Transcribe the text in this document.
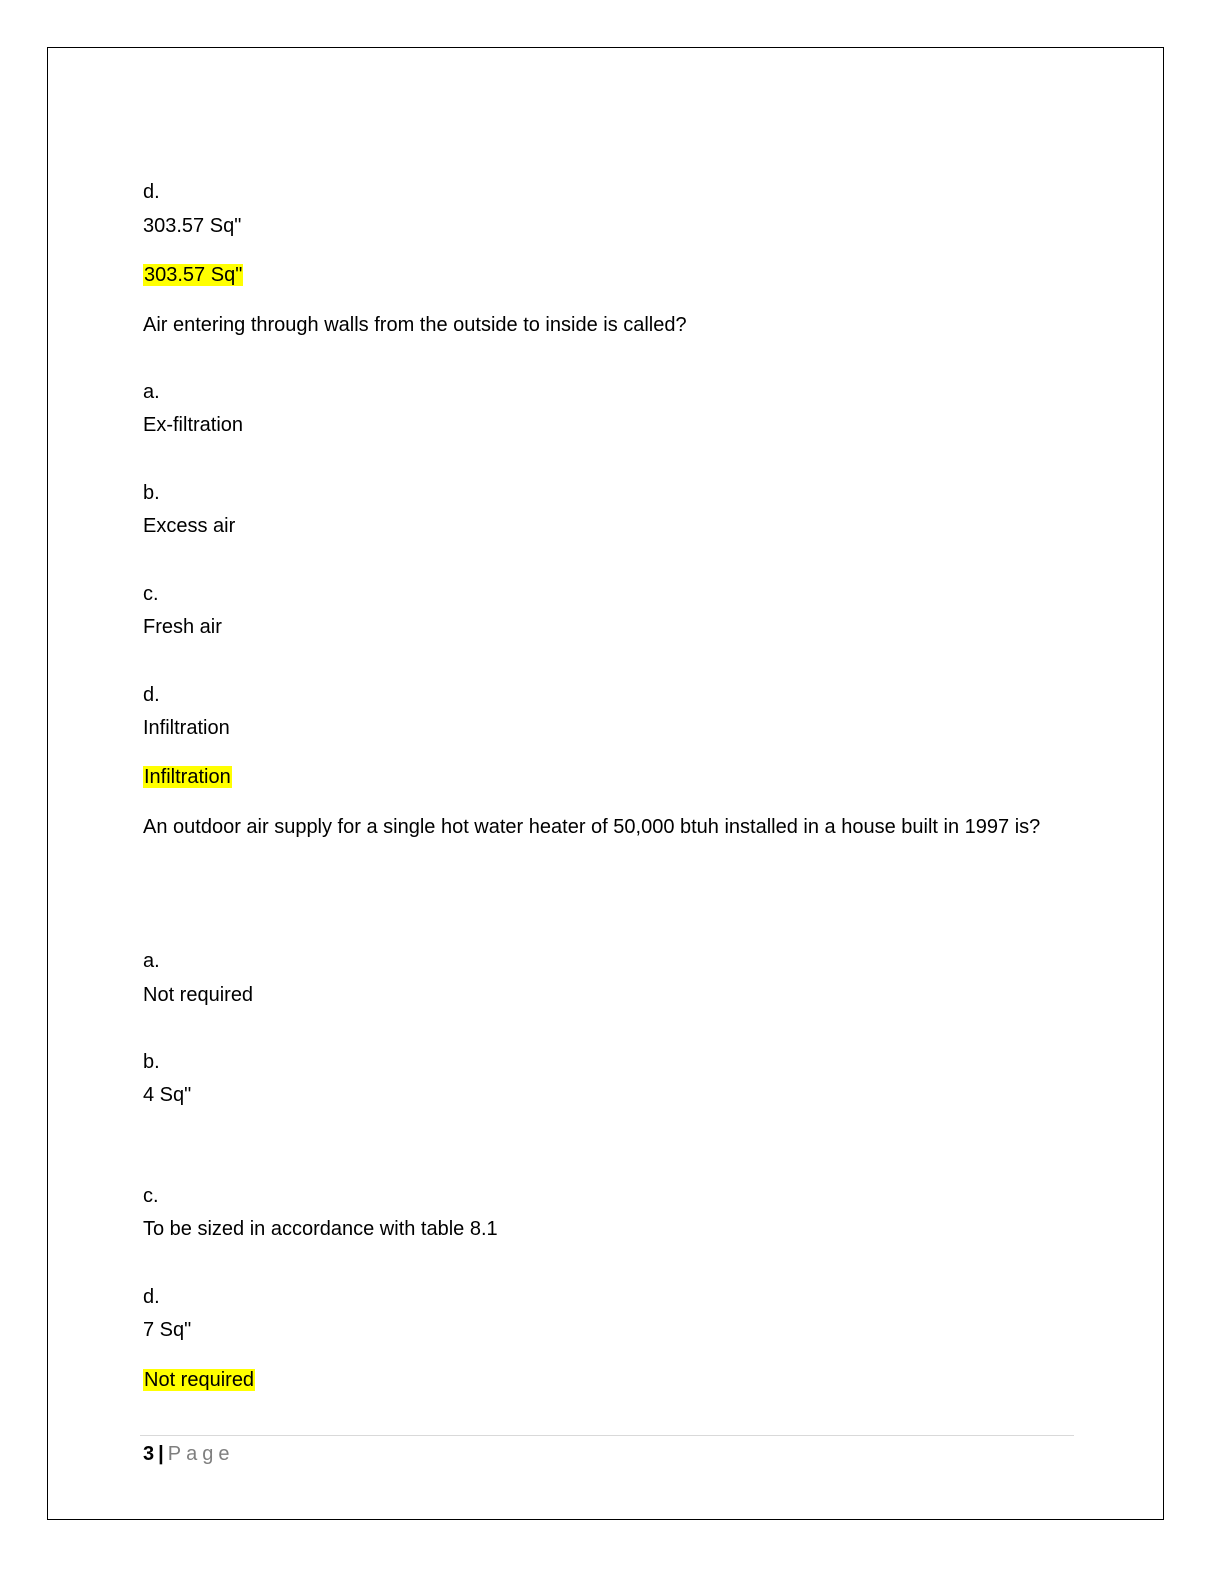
d.
303.57 Sq"
303.57 Sq"
Air entering through walls from the outside to inside is called?
a.
Ex-filtration
b.
Excess air
c.
Fresh air
d.
Infiltration
Infiltration
An outdoor air supply for a single hot water heater of 50,000 btuh installed in a house built in 1997 is?
a.
Not required
b.
4 Sq"
c.
To be sized in accordance with table 8.1
d.
7 Sq"
Not required
3 | Page
